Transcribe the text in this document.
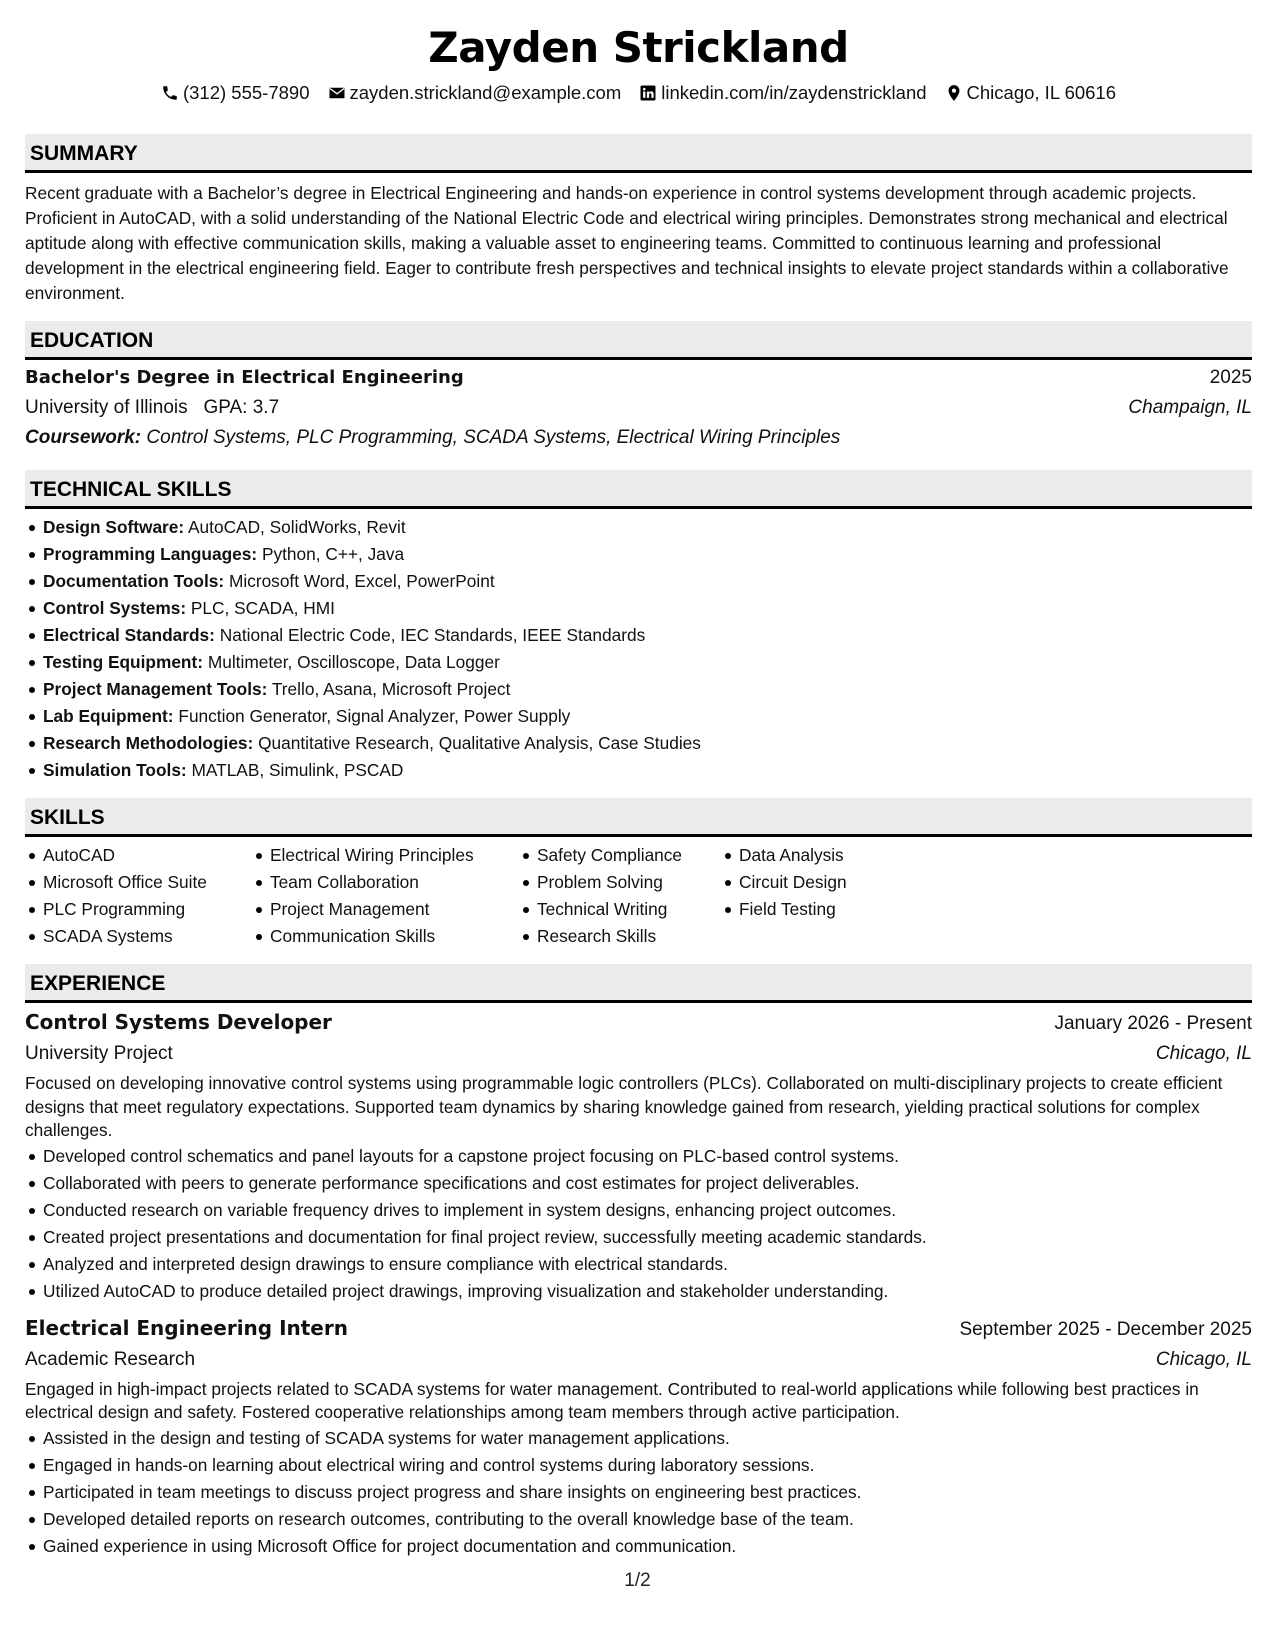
Zayden Strickland
(312) 555-7890 zayden.strickland@example.com linkedin.com/in/zaydenstrickland Chicago, IL 60616
SUMMARY

Recent graduate with a Bachelor’s degree in Electrical Engineering and hands-on experience in control systems development through academic projects. Proficient in AutoCAD, with a solid understanding of the National Electric Code and electrical wiring principles. Demonstrates strong mechanical and electrical aptitude along with effective communication skills, making a valuable asset to engineering teams. Committed to continuous learning and professional development in the electrical engineering field. Eager to contribute fresh perspectives and technical insights to elevate project standards within a collaborative environment.

EDUCATION
Bachelor's Degree in Electrical Engineering	2025
University of Illinois GPA: 3.7	Champaign, IL
Coursework: Control Systems, PLC Programming, SCADA Systems, Electrical Wiring Principles
TECHNICAL SKILLS
Design Software: AutoCAD, SolidWorks, Revit
Programming Languages: Python, C++, Java
Documentation Tools: Microsoft Word, Excel, PowerPoint
Control Systems: PLC, SCADA, HMI
Electrical Standards: National Electric Code, IEC Standards, IEEE Standards
Testing Equipment: Multimeter, Oscilloscope, Data Logger
Project Management Tools: Trello, Asana, Microsoft Project
Lab Equipment: Function Generator, Signal Analyzer, Power Supply
Research Methodologies: Quantitative Research, Qualitative Analysis, Case Studies
Simulation Tools: MATLAB, Simulink, PSCAD
SKILLS
AutoCAD
Microsoft Office Suite
PLC Programming
SCADA Systems
Electrical Wiring Principles
Team Collaboration
Project Management
Communication Skills
Safety Compliance
Problem Solving
Technical Writing
Research Skills
Data Analysis
Circuit Design
Field Testing
EXPERIENCE
Control Systems Developer	January 2026 - Present
University Project	Chicago, IL

Focused on developing innovative control systems using programmable logic controllers (PLCs). Collaborated on multi-disciplinary projects to create efficient designs that meet regulatory expectations. Supported team dynamics by sharing knowledge gained from research, yielding practical solutions for complex challenges.

Developed control schematics and panel layouts for a capstone project focusing on PLC-based control systems.
Collaborated with peers to generate performance specifications and cost estimates for project deliverables.
Conducted research on variable frequency drives to implement in system designs, enhancing project outcomes.
Created project presentations and documentation for final project review, successfully meeting academic standards.
Analyzed and interpreted design drawings to ensure compliance with electrical standards.
Utilized AutoCAD to produce detailed project drawings, improving visualization and stakeholder understanding.
Electrical Engineering Intern	September 2025 - December 2025
Academic Research	Chicago, IL

Engaged in high-impact projects related to SCADA systems for water management. Contributed to real-world applications while following best practices in electrical design and safety. Fostered cooperative relationships among team members through active participation.

Assisted in the design and testing of SCADA systems for water management applications.
Engaged in hands-on learning about electrical wiring and control systems during laboratory sessions.
Participated in team meetings to discuss project progress and share insights on engineering best practices.
Developed detailed reports on research outcomes, contributing to the overall knowledge base of the team.
Gained experience in using Microsoft Office for project documentation and communication.
1/2
